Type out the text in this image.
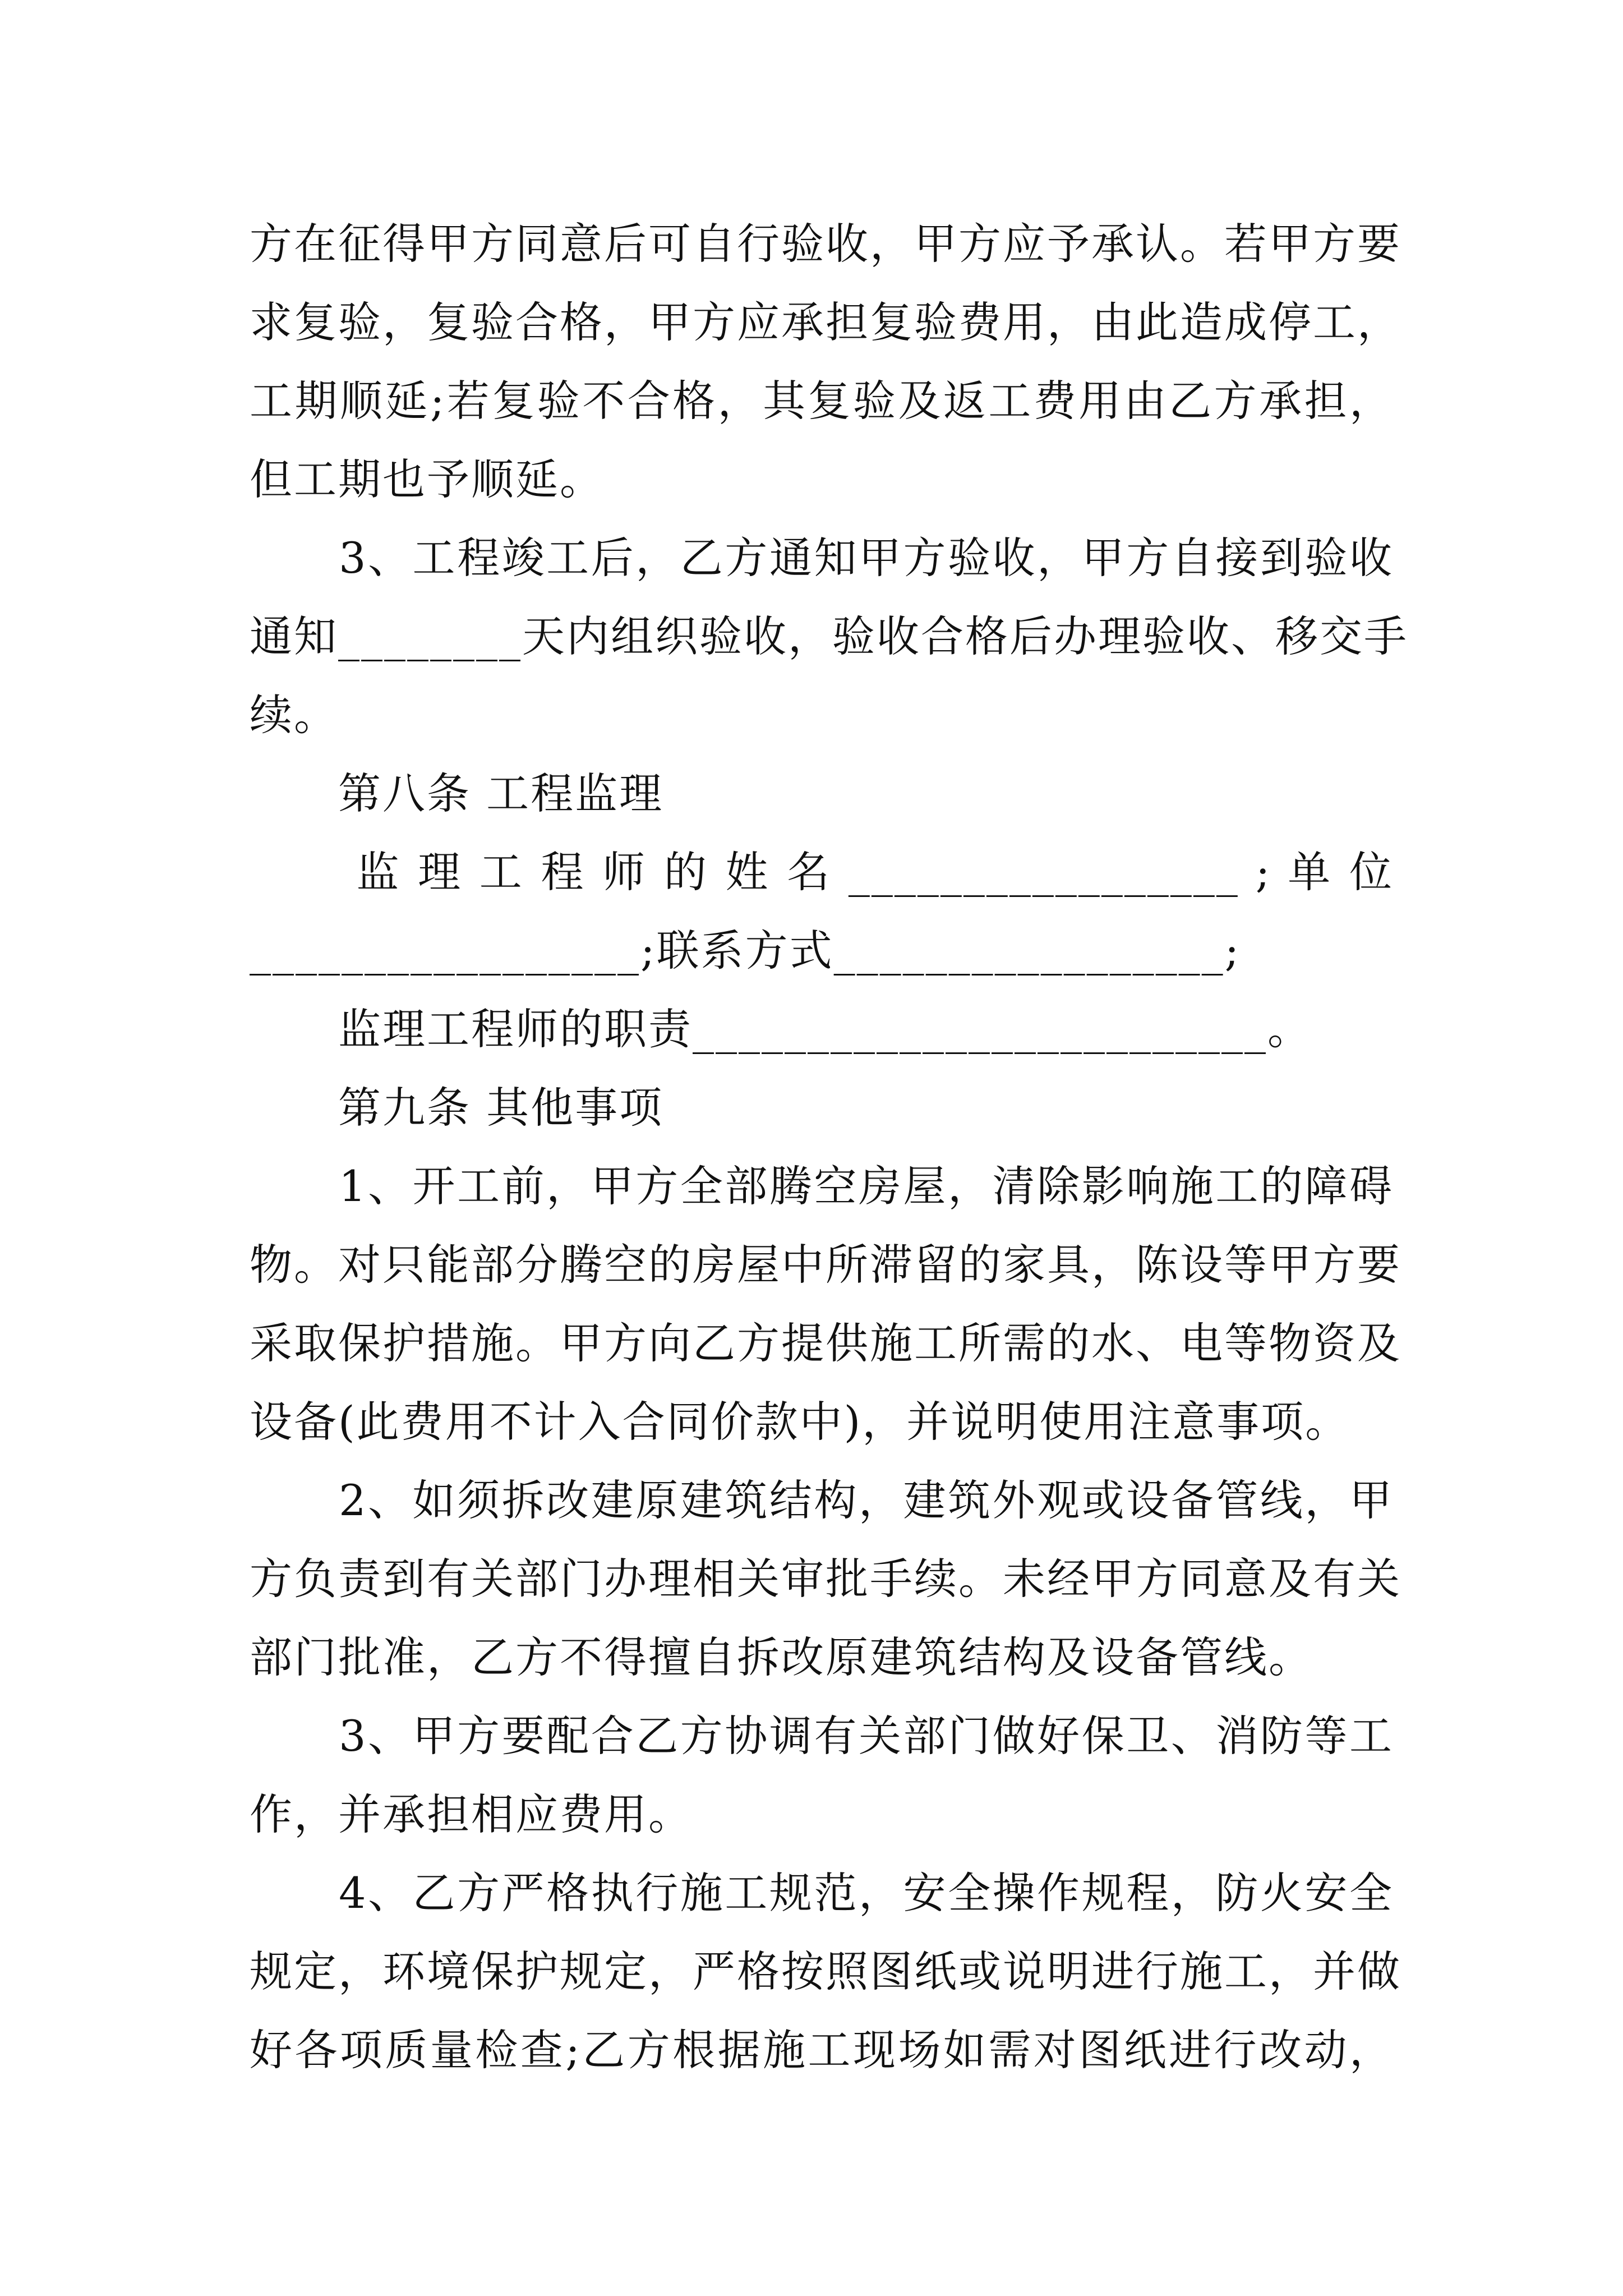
方在征得甲方同意后可自行验收，甲方应予承认。若甲方要
求复验，复验合格，甲方应承担复验费用，由此造成停工，
工期顺延;若复验不合格，其复验及返工费用由乙方承担，
但工期也予顺延。
　　3、工程竣工后，乙方通知甲方验收，甲方自接到验收
通知________天内组织验收，验收合格后办理验收、移交手
续。
　　第八条 工程监理
　　 监 理 工 程 师 的 姓 名 _________________ ; 单 位
_________________;联系方式_________________;
　　监理工程师的职责_________________________。
　　第九条 其他事项
　　1、开工前，甲方全部腾空房屋，清除影响施工的障碍
物。对只能部分腾空的房屋中所滞留的家具，陈设等甲方要
采取保护措施。甲方向乙方提供施工所需的水、电等物资及
设备(此费用不计入合同价款中)，并说明使用注意事项。
　　2、如须拆改建原建筑结构，建筑外观或设备管线，甲
方负责到有关部门办理相关审批手续。未经甲方同意及有关
部门批准，乙方不得擅自拆改原建筑结构及设备管线。
　　3、甲方要配合乙方协调有关部门做好保卫、消防等工
作，并承担相应费用。
　　4、乙方严格执行施工规范，安全操作规程，防火安全
规定，环境保护规定，严格按照图纸或说明进行施工，并做
好各项质量检查;乙方根据施工现场如需对图纸进行改动，
